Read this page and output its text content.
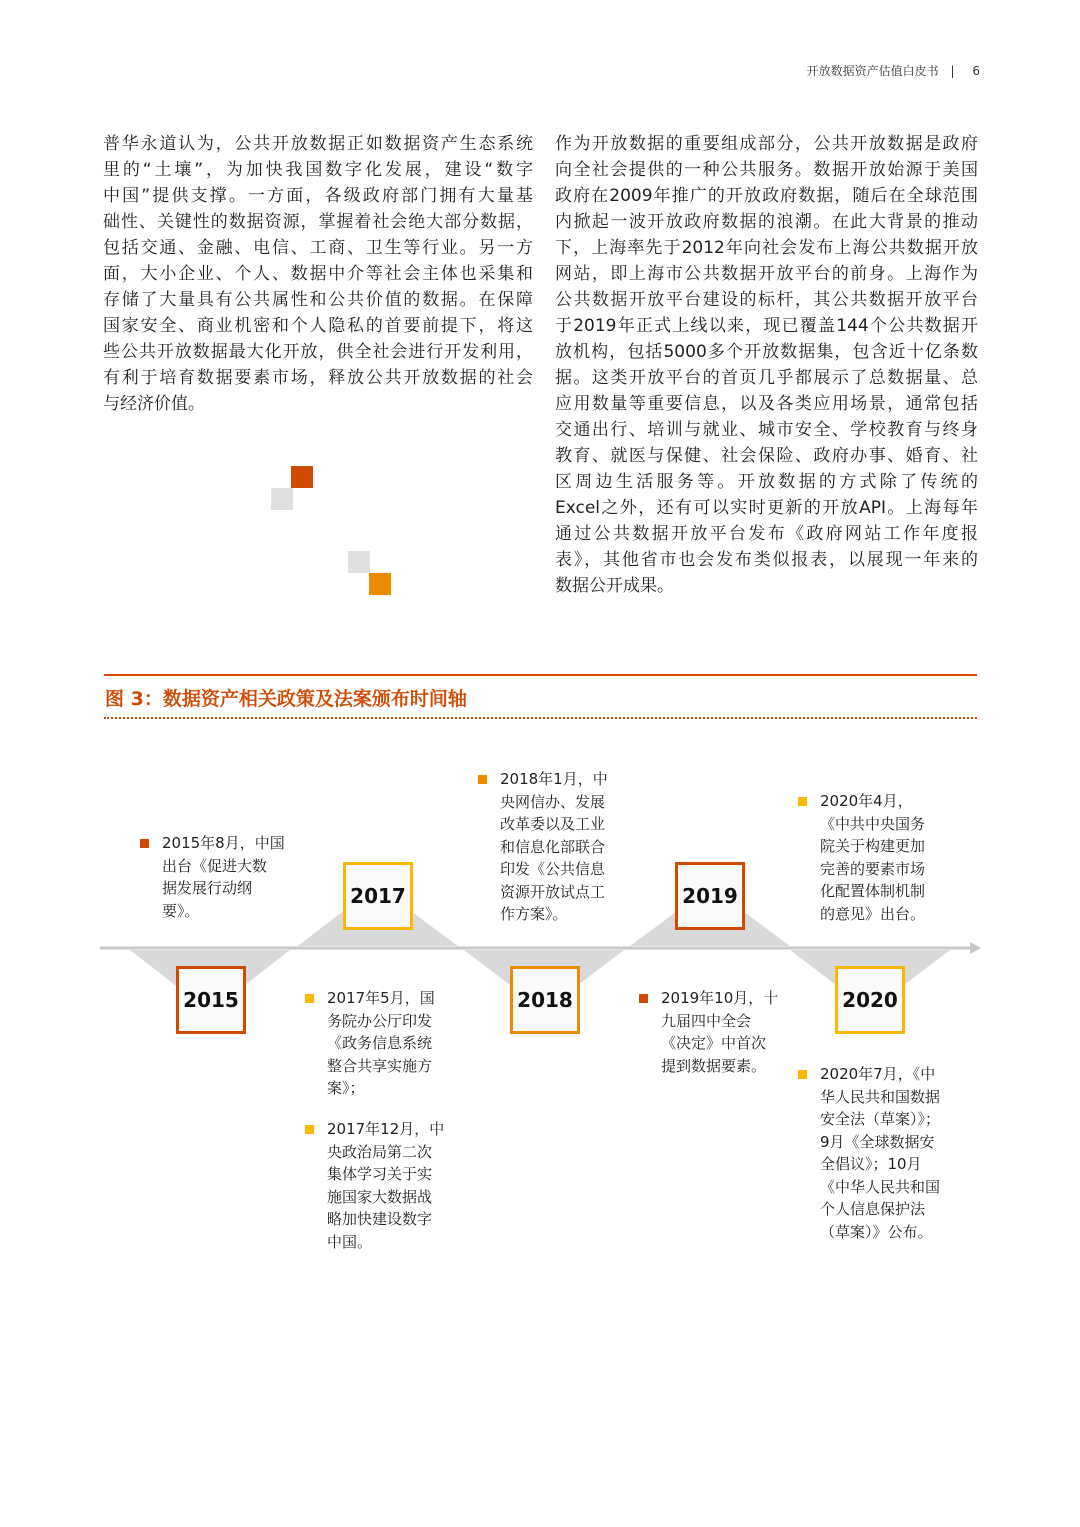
开放数据资产估值白皮书 | 6
普华永道认为，公共开放数据正如数据资产生态系统
里的“土壤”，为加快我国数字化发展，建设“数字
中国”提供支撑。一方面，各级政府部门拥有大量基
础性、关键性的数据资源，掌握着社会绝大部分数据，
包括交通、金融、电信、工商、卫生等行业。另一方
面，大小企业、个人、数据中介等社会主体也采集和
存储了大量具有公共属性和公共价值的数据。在保障
国家安全、商业机密和个人隐私的首要前提下，将这
些公共开放数据最大化开放，供全社会进行开发利用，
有利于培育数据要素市场，释放公共开放数据的社会
与经济价值。
作为开放数据的重要组成部分，公共开放数据是政府
向全社会提供的一种公共服务。数据开放始源于美国
政府在2009年推广的开放政府数据，随后在全球范围
内掀起一波开放政府数据的浪潮。在此大背景的推动
下，上海率先于2012年向社会发布上海公共数据开放
网站，即上海市公共数据开放平台的前身。上海作为
公共数据开放平台建设的标杆，其公共数据开放平台
于2019年正式上线以来，现已覆盖144个公共数据开
放机构，包括5000多个开放数据集，包含近十亿条数
据。这类开放平台的首页几乎都展示了总数据量、总
应用数量等重要信息，以及各类应用场景，通常包括
交通出行、培训与就业、城市安全、学校教育与终身
教育、就医与保健、社会保险、政府办事、婚育、社
区周边生活服务等。开放数据的方式除了传统的
Excel之外，还有可以实时更新的开放API。上海每年
通过公共数据开放平台发布《政府网站工作年度报
表》，其他省市也会发布类似报表，以展现一年来的
数据公开成果。
图 3：数据资产相关政策及法案颁布时间轴
2015
2017
2018
2019
2020
2015年8月，中国
出台《促进大数
据发展行动纲
要》。
2017年5月，国
务院办公厅印发
《政务信息系统
整合共享实施方
案》；
2017年12月，中
央政治局第二次
集体学习关于实
施国家大数据战
略加快建设数字
中国。
2018年1月，中
央网信办、发展
改革委以及工业
和信息化部联合
印发《公共信息
资源开放试点工
作方案》。
2019年10月，十
九届四中全会
《决定》中首次
提到数据要素。
2020年4月，
《中共中央国务
院关于构建更加
完善的要素市场
化配置体制机制
的意见》出台。
2020年7月，《中
华人民共和国数据
安全法（草案）》；
9月《全球数据安
全倡议》；10月
《中华人民共和国
个人信息保护法
（草案）》公布。
